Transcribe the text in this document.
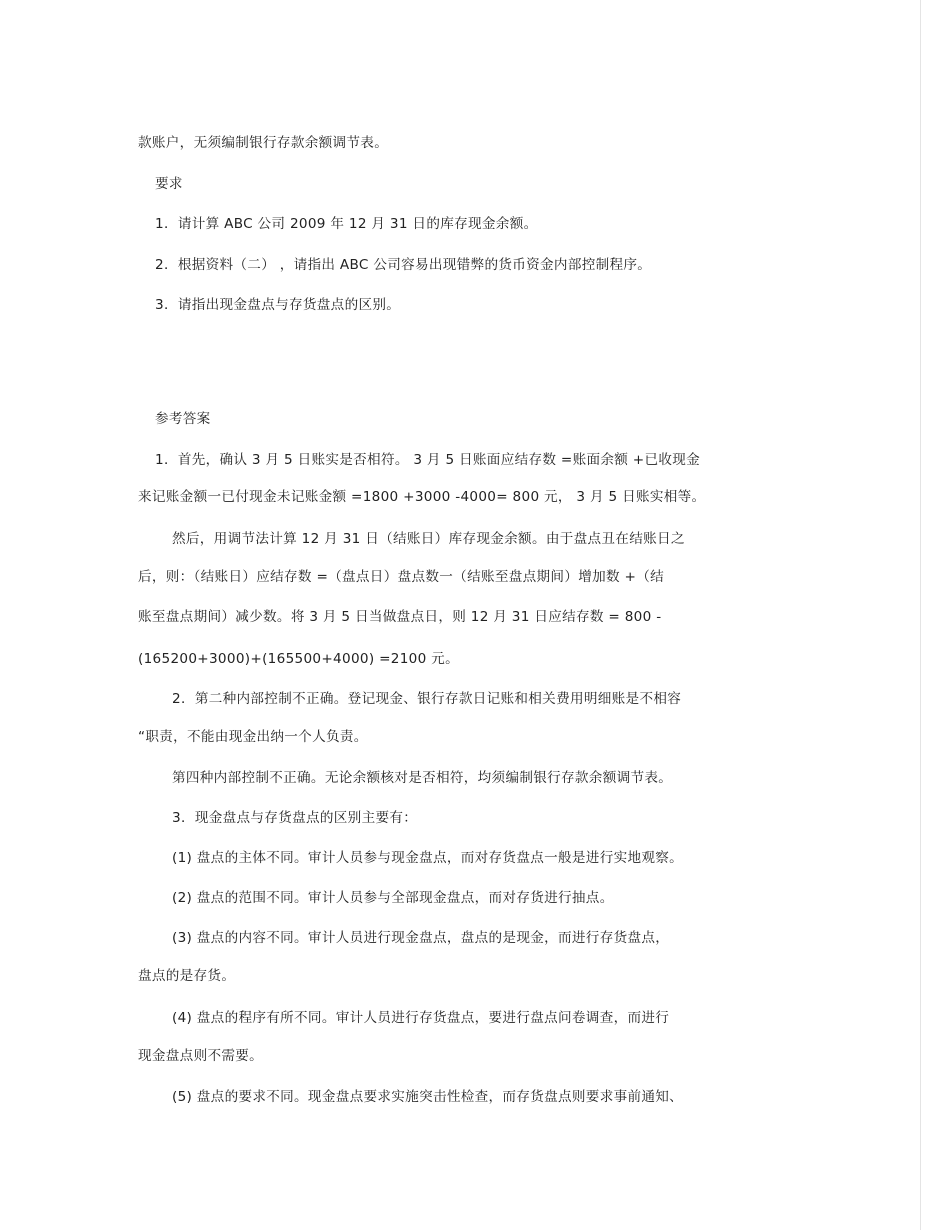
款账户，无须编制银行存款余额调节表。

要求

1．请计算 ABC 公司 2009 年 12 月 31 日的库存现金余额。

2．根据资料（二） ，请指出 ABC 公司容易出现错弊的货币资金内部控制程序。

3．请指出现金盘点与存货盘点的区别。

参考答案

1．首先，确认 3 月 5 日账实是否相符。 3 月 5 日账面应结存数 =账面余额 +已收现金

来记账金额一已付现金未记账金额 =1800 +3000 -4000= 800 元， 3 月 5 日账实相等。

然后，用调节法计算 12 月 31 日（结账日）库存现金余额。由于盘点丑在结账日之

后，则：（结账日）应结存数 =（盘点日）盘点数一（结账至盘点期间）增加数 +（结

账至盘点期间）减少数。将 3 月 5 日当做盘点日，则 12 月 31 日应结存数 = 800 -

(165200+3000)+(165500+4000) =2100 元。

2．第二种内部控制不正确。登记现金、银行存款日记账和相关费用明细账是不相容

“职责，不能由现金出纳一个人负责。

第四种内部控制不正确。无论余额核对是否相符，均须编制银行存款余额调节表。

3．现金盘点与存货盘点的区别主要有：

(1) 盘点的主体不同。审计人员参与现金盘点，而对存货盘点一般是进行实地观察。

(2) 盘点的范围不同。审计人员参与全部现金盘点，而对存货进行抽点。

(3) 盘点的内容不同。审计人员进行现金盘点，盘点的是现金，而进行存货盘点，

盘点的是存货。

(4) 盘点的程序有所不同。审计人员进行存货盘点，要进行盘点问卷调查，而进行

现金盘点则不需要。

(5) 盘点的要求不同。现金盘点要求实施突击性检查，而存货盘点则要求事前通知、
